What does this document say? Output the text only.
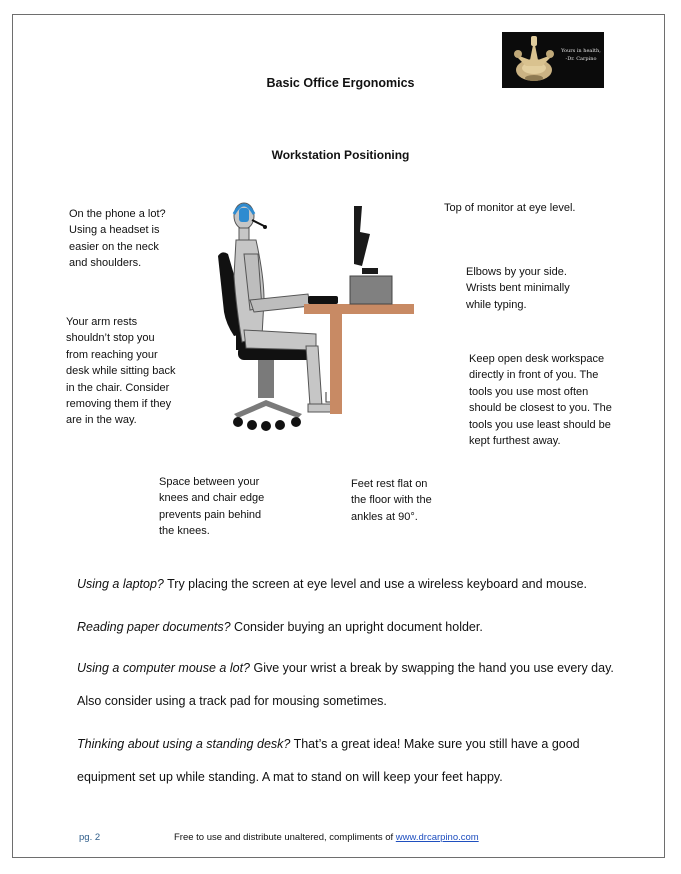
Yours in health,
-Dr. Carpino
Basic Office Ergonomics
Workstation Positioning
On the phone a lot?
Using a headset is
easier on the neck
and shoulders.
Top of monitor at eye level.
Elbows by your side.
Wrists bent minimally
while typing.
Your arm rests
shouldn’t stop you
from reaching your
desk while sitting back
in the chair. Consider
removing them if they
are in the way.
Keep open desk workspace
directly in front of you. The
tools you use most often
should be closest to you. The
tools you use least should be
kept furthest away.
Space between your
knees and chair edge
prevents pain behind
the knees.
Feet rest flat on
the floor with the
ankles at 90°.
Using a laptop? Try placing the screen at eye level and use a wireless keyboard and mouse.
Reading paper documents? Consider buying an upright document holder.
Using a computer mouse a lot? Give your wrist a break by swapping the hand you use every day. Also consider using a track pad for mousing sometimes.
Thinking about using a standing desk? That’s a great idea! Make sure you still have a good equipment set up while standing. A mat to stand on will keep your feet happy.
pg. 2	Free to use and distribute unaltered, compliments of www.drcarpino.com
